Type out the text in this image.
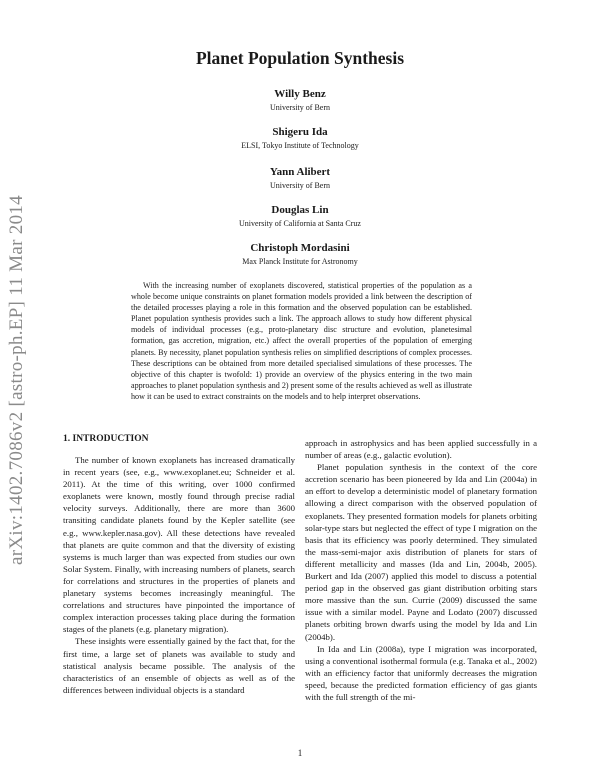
arXiv:1402.7086v2 [astro-ph.EP] 11 Mar 2014
Planet Population Synthesis
Willy Benz
University of Bern
Shigeru Ida
ELSI, Tokyo Institute of Technology
Yann Alibert
University of Bern
Douglas Lin
University of California at Santa Cruz
Christoph Mordasini
Max Planck Institute for Astronomy

With the increasing number of exoplanets discovered, statistical properties of the population as a whole become unique constraints on planet formation models provided a link between the description of the detailed processes playing a role in this formation and the observed population can be established. Planet population synthesis provides such a link. The approach allows to study how different physical models of individual processes (e.g., proto-planetary disc structure and evolution, planetesimal formation, gas accretion, migration, etc.) affect the overall properties of the population of emerging planets. By necessity, planet population synthesis relies on simplified descriptions of complex processes. These descriptions can be obtained from more detailed specialised simulations of these processes. The objective of this chapter is twofold: 1) provide an overview of the physics entering in the two main approaches to planet population synthesis and 2) present some of the results achieved as well as illustrate how it can be used to extract constraints on the models and to help interpret observations.

1. INTRODUCTION

The number of known exoplanets has increased dramatically in recent years (see, e.g., www.exoplanet.eu; Schneider et al. 2011). At the time of this writing, over 1000 confirmed exoplanets were known, mostly found through precise radial velocity surveys. Additionally, there are more than 3600 transiting candidate planets found by the Kepler satellite (see e.g., www.kepler.nasa.gov). All these detections have revealed that planets are quite common and that the diversity of existing systems is much larger than was expected from studies our own Solar System. Finally, with increasing numbers of planets, search for correlations and structures in the properties of planets and planetary systems becomes increasingly meaningful. The correlations and structures have pinpointed the importance of complex interaction processes taking place during the formation stages of the planets (e.g. planetary migration).

These insights were essentially gained by the fact that, for the first time, a large set of planets was available to study and statistical analysis became possible. The analysis of the characteristics of an ensemble of objects as well as of the differences between individual objects is a standard

approach in astrophysics and has been applied successfully in a number of areas (e.g., galactic evolution).

Planet population synthesis in the context of the core accretion scenario has been pioneered by Ida and Lin (2004a) in an effort to develop a deterministic model of planetary formation allowing a direct comparison with the observed population of exoplanets. They presented formation models for planets orbiting solar-type stars but neglected the effect of type I migration on the basis that its efficiency was poorly determined. They simulated the mass-semi-major axis distribution of planets for stars of different metallicity and masses (Ida and Lin, 2004b, 2005). Burkert and Ida (2007) applied this model to discuss a potential period gap in the observed gas giant distribution orbiting stars more massive than the sun. Currie (2009) discussed the same issue with a similar model. Payne and Lodato (2007) discussed planets orbiting brown dwarfs using the model by Ida and Lin (2004b).

In Ida and Lin (2008a), type I migration was incorporated, using a conventional isothermal formula (e.g. Tanaka et al., 2002) with an efficiency factor that uniformly decreases the migration speed, because the predicted formation efficiency of gas giants with the full strength of the mi-

1
